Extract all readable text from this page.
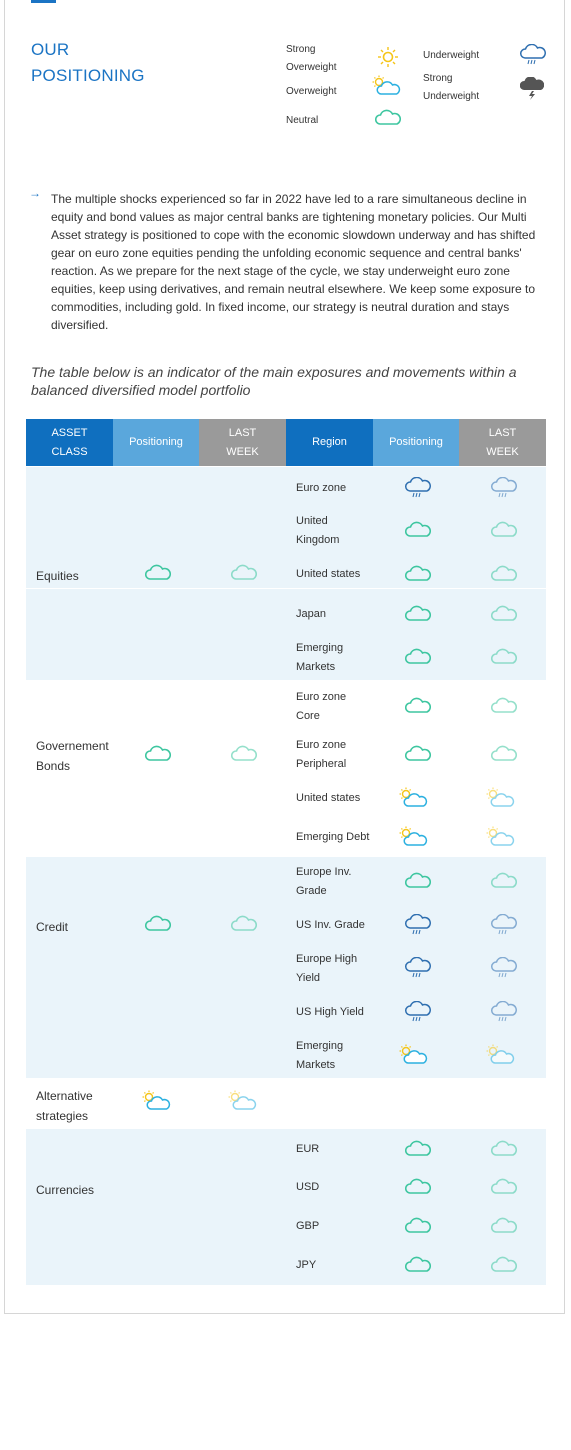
OUR
POSITIONING
Strong
Overweight
Overweight
Neutral
Underweight
Strong
Underweight
→ The multiple shocks experienced so far in 2022 have led to a rare simultaneous decline in equity and bond values as major central banks are tightening monetary policies. Our Multi Asset strategy is positioned to cope with the economic slowdown underway and has shifted gear on euro zone equities pending the unfolding economic sequence and central banks' reaction. As we prepare for the next stage of the cycle, we stay underweight euro zone equities, keep using derivatives, and remain neutral elsewhere. We keep some exposure to commodities, including gold. In fixed income, our strategy is neutral duration and stays diversified.
The table below is an indicator of the main exposures and movements within a balanced diversified model portfolio
ASSET
CLASS
Positioning
LAST
WEEK
Region	Positioning
LAST
WEEK
Equities
Governement
Bonds
Credit
Alternative
strategies
Currencies
Euro zone
United
Kingdom
United states
Japan
Emerging
Markets
Euro zone
Core
Euro zone
Peripheral
United states
Emerging Debt
Europe Inv.
Grade
US Inv. Grade
Europe High
Yield
US High Yield
Emerging
Markets
EUR
USD
GBP
JPY
